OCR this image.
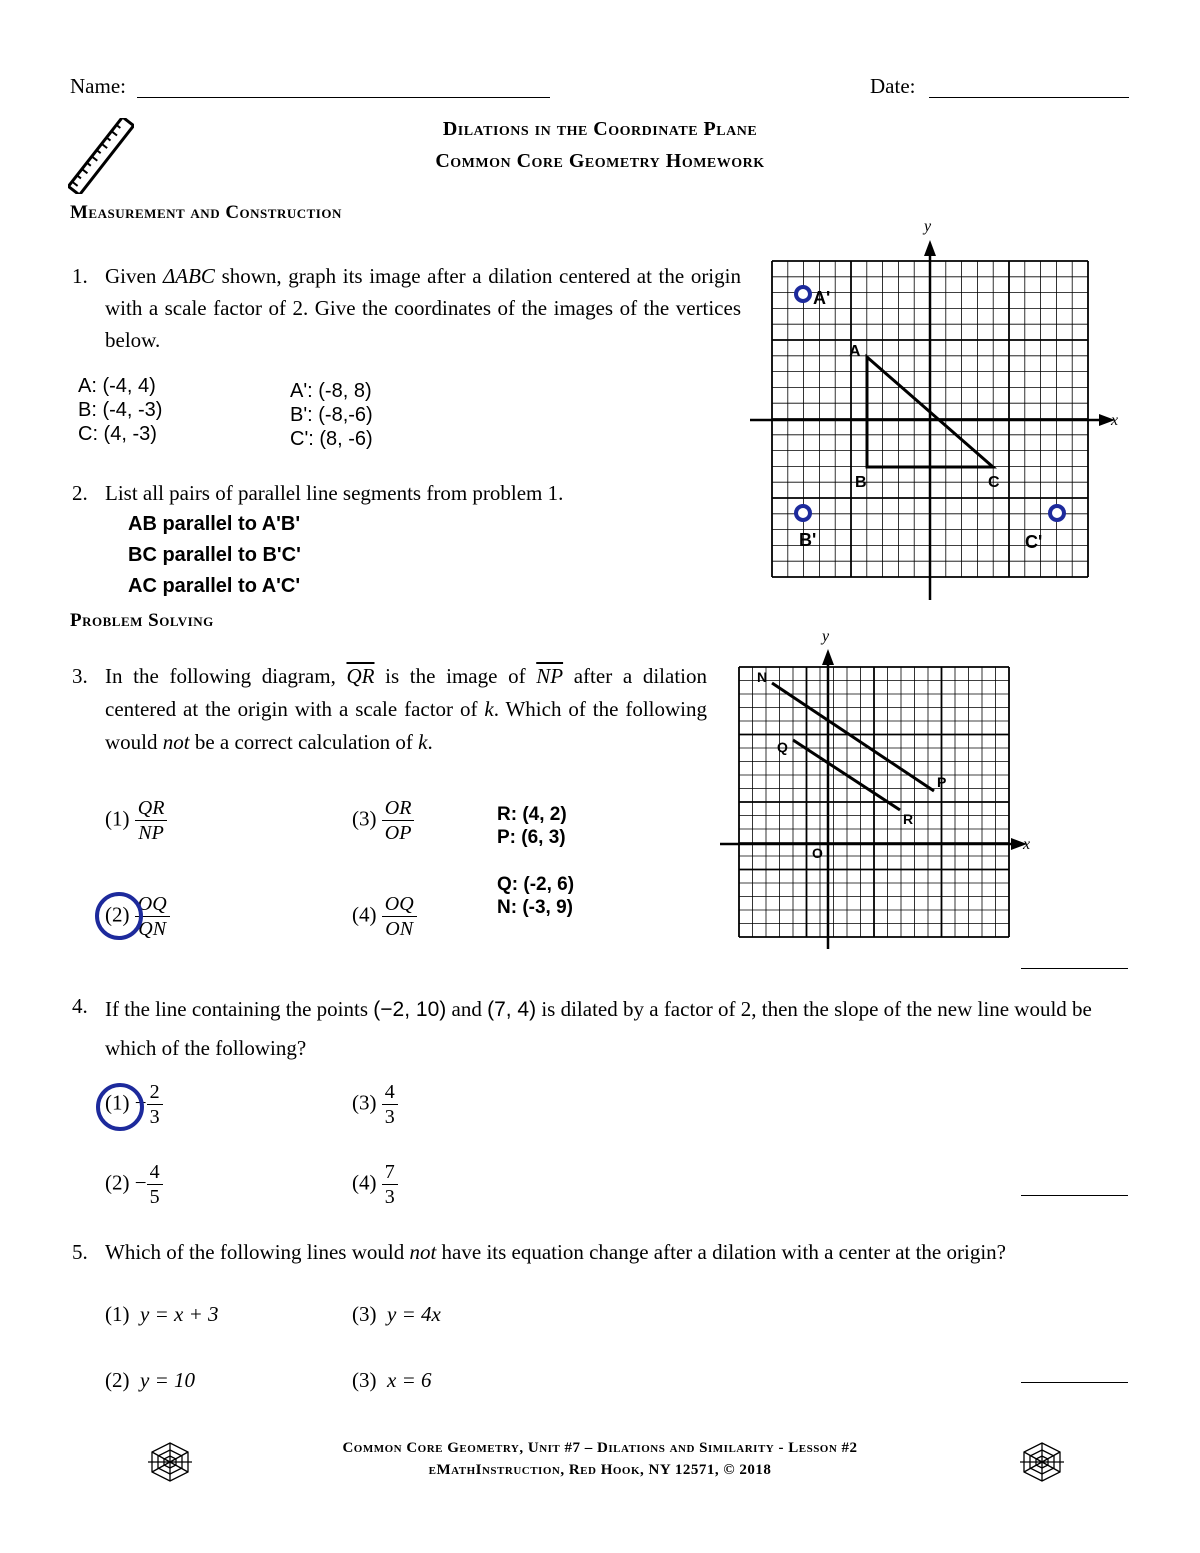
Name:	Date:
Dilations in the Coordinate Plane
Common Core Geometry Homework
Measurement and Construction
1. Given ΔABC shown, graph its image after a dilation centered at the origin with a scale factor of 2. Give the coordinates of the images of the vertices below.
A: (-4, 4)
B: (-4, -3)
C: (4, -3)
A': (-8, 8)
B': (-8,-6)
C': (8, -6)
x
y
A
B	C
A'
B'	C'
2. List all pairs of parallel line segments from problem 1.
AB parallel to A'B'
BC parallel to B'C'
AC parallel to A'C'
Problem Solving
3. In the following diagram, $\overline{QR}$ is the image of $\overline{NP}$ after a dilation centered at the origin with a scale factor of k. Which of the following would not be a correct calculation of k.
$(1) \frac{QR}{NP}$
$(2) \frac{OQ}{QN}$
$(3) \frac{OR}{OP}$
$(4) \frac{OQ}{ON}$
R: (4, 2)
P: (6, 3)
Q: (-2, 6)
N: (-3, 9)
x
y
N
Q
P
R
O
4. If the line containing the points (−2, 10) and (7, 4) is dilated by a factor of 2, then the slope of the new line would be which of the following?
$(1) - \frac{2}{3}$
$(2) - \frac{4}{5}$
$(3) \frac{4}{3}$
$(4) \frac{7}{3}$
5. Which of the following lines would not have its equation change after a dilation with a center at the origin?
(1) y = x + 3
(2) y = 10
(3) y = 4x
(3) x = 6
Common Core Geometry, Unit #7 – Dilations and Similarity - Lesson #2
eMathInstruction, Red Hook, NY 12571, © 2018
